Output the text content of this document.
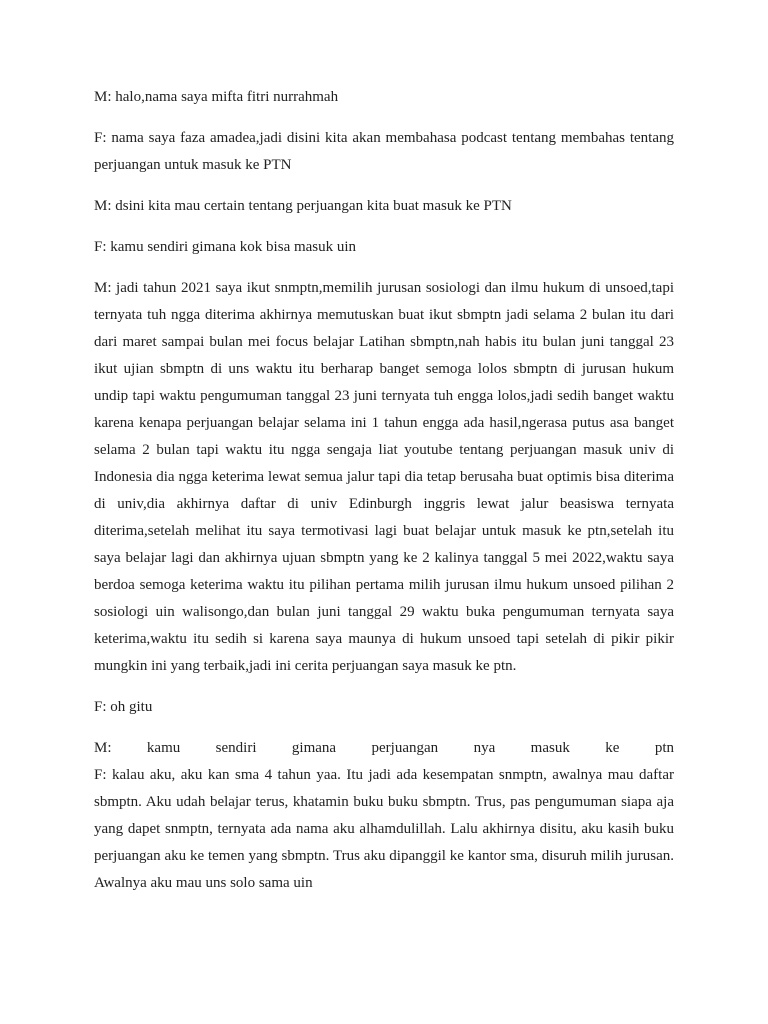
M: halo,nama saya mifta fitri nurrahmah

F: nama saya faza amadea,jadi disini kita akan membahasa podcast tentang membahas tentang perjuangan untuk masuk ke PTN

M: dsini kita mau certain tentang perjuangan kita buat masuk ke PTN

F: kamu sendiri gimana kok bisa masuk uin

M: jadi tahun 2021 saya ikut snmptn,memilih jurusan sosiologi dan ilmu hukum di unsoed,tapi ternyata tuh ngga diterima akhirnya memutuskan buat ikut sbmptn jadi selama 2 bulan itu dari dari maret sampai bulan mei focus belajar Latihan sbmptn,nah habis itu bulan juni tanggal 23 ikut ujian sbmptn di uns waktu itu berharap banget semoga lolos sbmptn di jurusan hukum undip tapi waktu pengumuman tanggal 23 juni ternyata tuh engga lolos,jadi sedih banget waktu karena kenapa perjuangan belajar selama ini 1 tahun engga ada hasil,ngerasa putus asa banget selama 2 bulan tapi waktu itu ngga sengaja liat youtube tentang perjuangan masuk univ di Indonesia dia ngga keterima lewat semua jalur tapi dia tetap berusaha buat optimis bisa diterima di univ,dia akhirnya daftar di univ Edinburgh inggris lewat jalur beasiswa ternyata diterima,setelah melihat itu saya termotivasi lagi buat belajar untuk masuk ke ptn,setelah itu saya belajar lagi dan akhirnya ujuan sbmptn yang ke 2 kalinya tanggal 5 mei 2022,waktu saya berdoa semoga keterima waktu itu pilihan pertama milih jurusan ilmu hukum unsoed pilihan 2 sosiologi uin walisongo,dan bulan juni tanggal 29 waktu buka pengumuman ternyata saya keterima,waktu itu sedih si karena saya maunya di hukum unsoed tapi setelah di pikir pikir mungkin ini yang terbaik,jadi ini cerita perjuangan saya masuk ke ptn.

F: oh gitu

M: kamu sendiri gimana perjuangan nya masuk ke ptn

F: kalau aku, aku kan sma 4 tahun yaa. Itu jadi ada kesempatan snmptn, awalnya mau daftar sbmptn. Aku udah belajar terus, khatamin buku buku sbmptn. Trus, pas pengumuman siapa aja yang dapet snmptn, ternyata ada nama aku alhamdulillah. Lalu akhirnya disitu, aku kasih buku perjuangan aku ke temen yang sbmptn. Trus aku dipanggil ke kantor sma, disuruh milih jurusan. Awalnya aku mau uns solo sama uin
